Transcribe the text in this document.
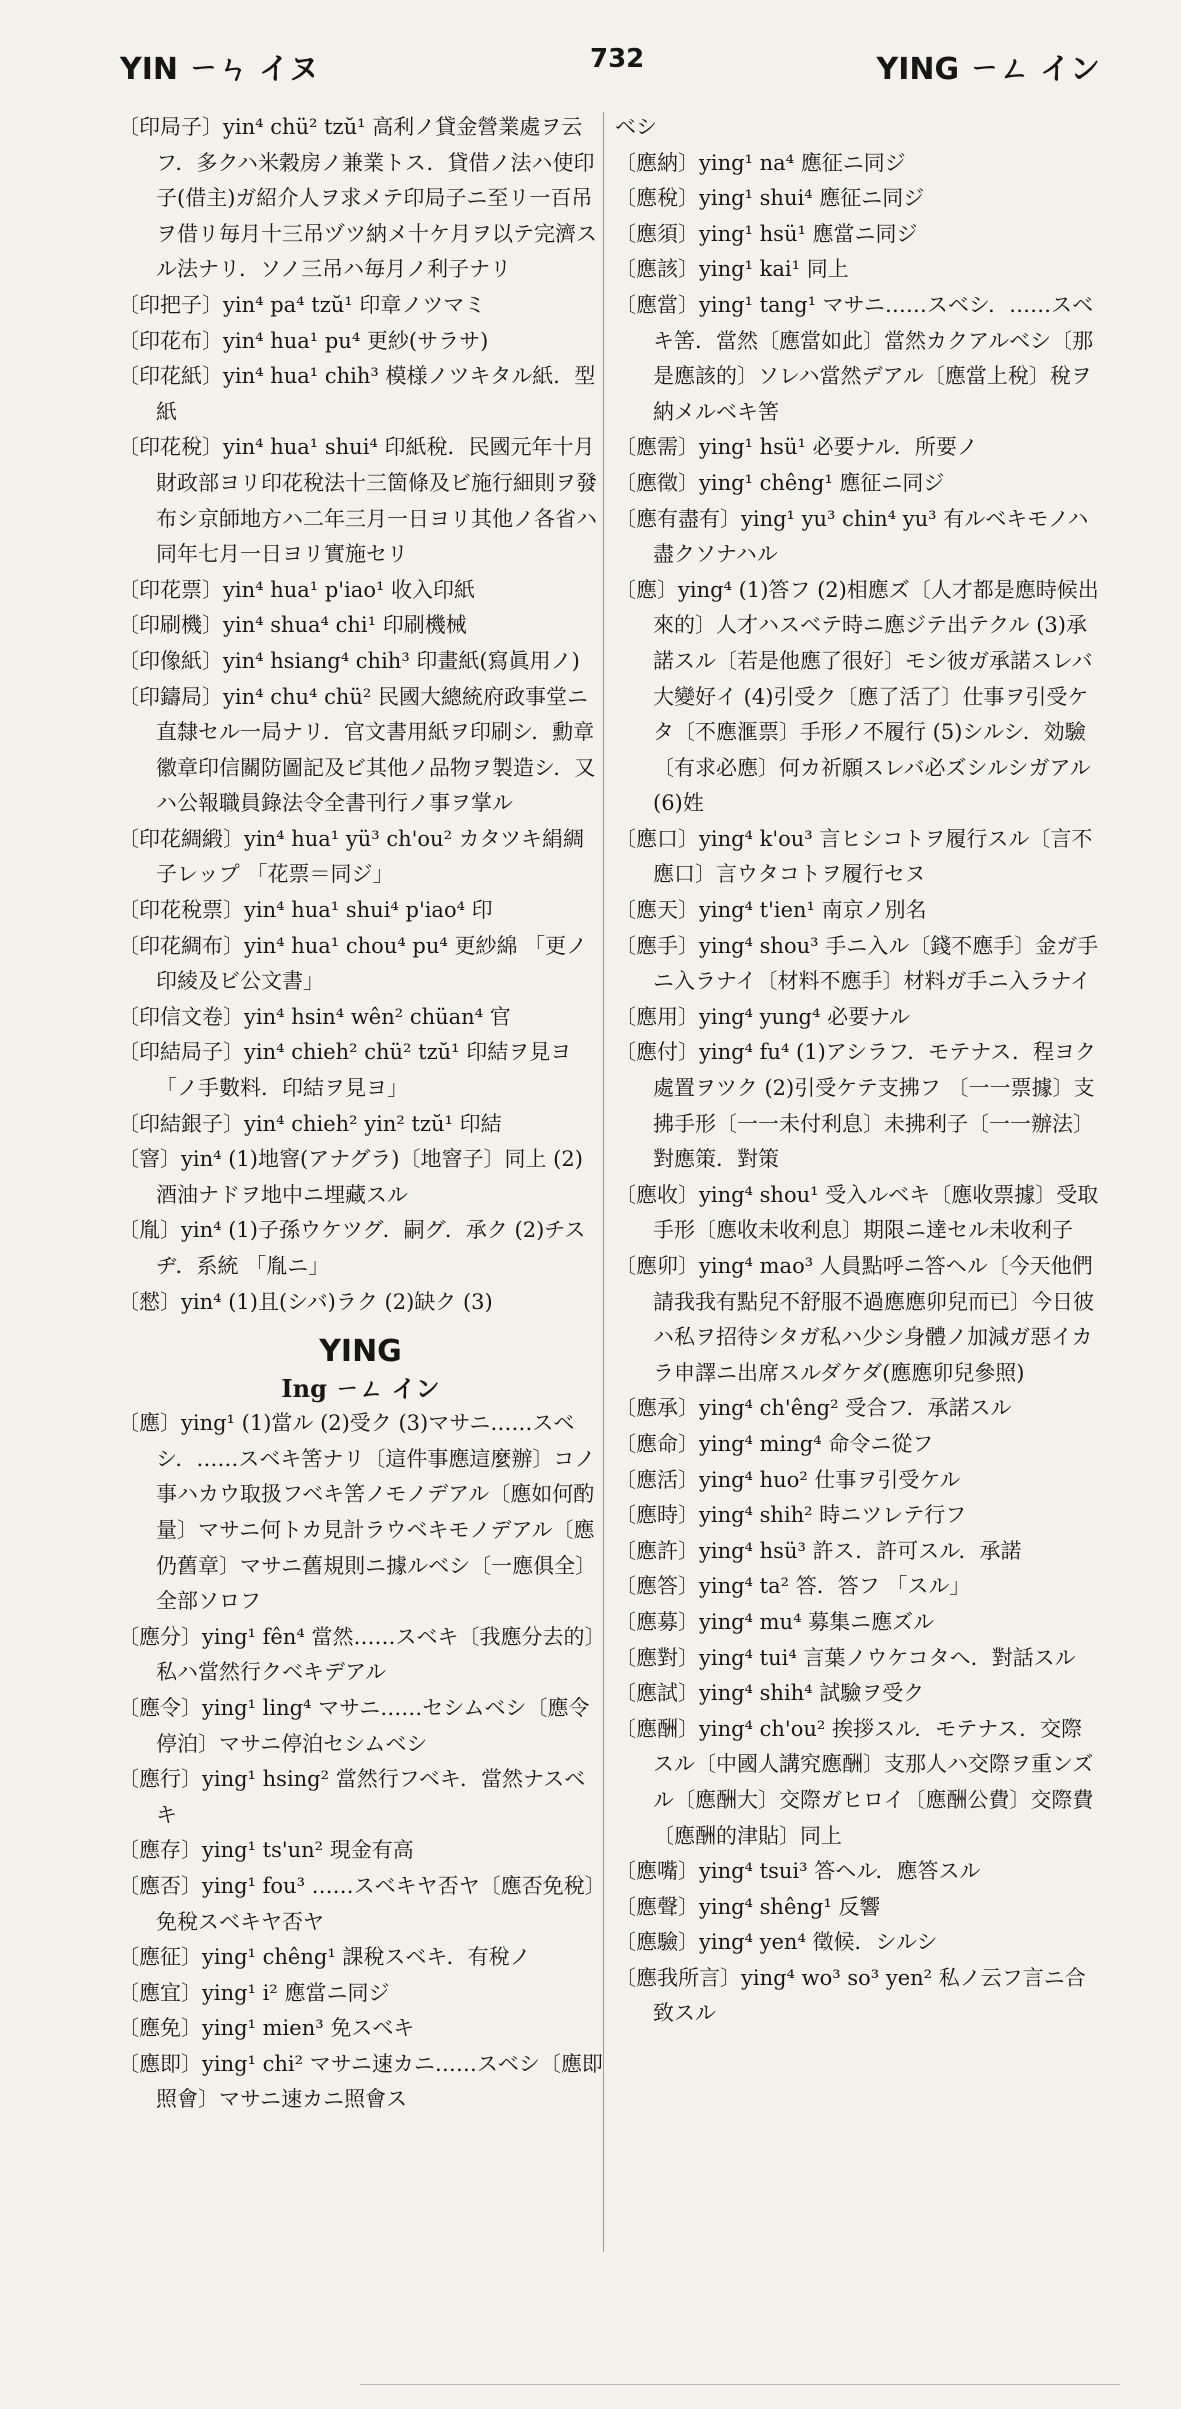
YIN ㄧㄣ イヌ	732	YING ㄧㄥ イン

〔印局子〕yin⁴ chü² tzŭ¹ 高利ノ貸金營業處ヲ云フ．多クハ米穀房ノ兼業トス．貸借ノ法ハ使印子(借主)ガ紹介人ヲ求メテ印局子ニ至リ一百吊ヲ借リ毎月十三吊ヅツ納メ十ケ月ヲ以テ完濟スル法ナリ．ソノ三吊ハ毎月ノ利子ナリ

〔印把子〕yin⁴ pa⁴ tzŭ¹ 印章ノツマミ

〔印花布〕yin⁴ hua¹ pu⁴ 更紗(サラサ)

〔印花紙〕yin⁴ hua¹ chih³ 模様ノツキタル紙．型紙

〔印花稅〕yin⁴ hua¹ shui⁴ 印紙稅．民國元年十月財政部ヨリ印花稅法十三箇條及ビ施行細則ヲ發布シ京師地方ハ二年三月一日ヨリ其他ノ各省ハ同年七月一日ヨリ實施セリ

〔印花票〕yin⁴ hua¹ p'iao¹ 收入印紙

〔印刷機〕yin⁴ shua⁴ chi¹ 印刷機械

〔印像紙〕yin⁴ hsiang⁴ chih³ 印畫紙(寫眞用ノ)

〔印鑄局〕yin⁴ chu⁴ chü² 民國大總統府政事堂ニ直隸セル一局ナリ．官文書用紙ヲ印刷シ．勳章徽章印信關防圖記及ビ其他ノ品物ヲ製造シ．又ハ公報職員錄法令全書刊行ノ事ヲ掌ル

〔印花綢緞〕yin⁴ hua¹ yü³ ch'ou² カタツキ絹綢子レップ 「花票＝同ジ」

〔印花稅票〕yin⁴ hua¹ shui⁴ p'iao⁴ 印

〔印花綢布〕yin⁴ hua¹ chou⁴ pu⁴ 更紗綿 「更ノ印綾及ビ公文書」

〔印信文卷〕yin⁴ hsin⁴ wên² chüan⁴ 官

〔印結局子〕yin⁴ chieh² chü² tzŭ¹ 印結ヲ見ヨ 「ノ手數料．印結ヲ見ヨ」

〔印結銀子〕yin⁴ chieh² yin² tzŭ¹ 印結

〔窨〕yin⁴ (1)地窨(アナグラ)〔地窨子〕同上 (2)酒油ナドヲ地中ニ埋藏スル

〔胤〕yin⁴ (1)子孫ウケツグ．嗣グ．承ク (2)チスヂ．系統 「胤ニ」

〔憖〕yin⁴ (1)且(シバ)ラク (2)缺ク (3)

YING
Ing ㄧㄥ イン

〔應〕ying¹ (1)當ル (2)受ク (3)マサニ……スベシ．……スベキ筈ナリ〔這件事應這麼辦〕コノ事ハカウ取扱フベキ筈ノモノデアル〔應如何酌量〕マサニ何トカ見計ラウベキモノデアル〔應仍舊章〕マサニ舊規則ニ據ルベシ〔一應俱全〕全部ソロフ

〔應分〕ying¹ fên⁴ 當然……スベキ〔我應分去的〕私ハ當然行クベキデアル

〔應令〕ying¹ ling⁴ マサニ……セシムベシ〔應令停泊〕マサニ停泊セシムベシ

〔應行〕ying¹ hsing² 當然行フベキ．當然ナスベキ

〔應存〕ying¹ ts'un² 現金有高

〔應否〕ying¹ fou³ ……スベキヤ否ヤ〔應否免稅〕免稅スベキヤ否ヤ

〔應征〕ying¹ chêng¹ 課稅スベキ．有稅ノ

〔應宜〕ying¹ i² 應當ニ同ジ

〔應免〕ying¹ mien³ 免スベキ

〔應即〕ying¹ chi² マサニ速カニ……スベシ〔應即照會〕マサニ速カニ照會ス

ベシ

〔應納〕ying¹ na⁴ 應征ニ同ジ

〔應稅〕ying¹ shui⁴ 應征ニ同ジ

〔應須〕ying¹ hsü¹ 應當ニ同ジ

〔應該〕ying¹ kai¹ 同上

〔應當〕ying¹ tang¹ マサニ……スベシ．……スベキ筈．當然〔應當如此〕當然カクアルベシ〔那是應該的〕ソレハ當然デアル〔應當上稅〕稅ヲ納メルベキ筈

〔應需〕ying¹ hsü¹ 必要ナル．所要ノ

〔應徵〕ying¹ chêng¹ 應征ニ同ジ

〔應有盡有〕ying¹ yu³ chin⁴ yu³ 有ルベキモノハ盡クソナハル

〔應〕ying⁴ (1)答フ (2)相應ズ〔人才都是應時候出來的〕人才ハスベテ時ニ應ジテ出テクル (3)承諾スル〔若是他應了很好〕モシ彼ガ承諾スレバ大變好イ (4)引受ク〔應了活了〕仕事ヲ引受ケタ〔不應滙票〕手形ノ不履行 (5)シルシ．効驗〔有求必應〕何カ祈願スレバ必ズシルシガアル (6)姓

〔應口〕ying⁴ k'ou³ 言ヒシコトヲ履行スル〔言不應口〕言ウタコトヲ履行セヌ

〔應天〕ying⁴ t'ien¹ 南京ノ別名

〔應手〕ying⁴ shou³ 手ニ入ル〔錢不應手〕金ガ手ニ入ラナイ〔材料不應手〕材料ガ手ニ入ラナイ

〔應用〕ying⁴ yung⁴ 必要ナル

〔應付〕ying⁴ fu⁴ (1)アシラフ．モテナス．程ヨク處置ヲツク (2)引受ケテ支拂フ 〔一一票據〕支拂手形〔一一未付利息〕未拂利子〔一一辦法〕對應策．對策

〔應收〕ying⁴ shou¹ 受入ルベキ〔應收票據〕受取手形〔應收未收利息〕期限ニ達セル未收利子

〔應卯〕ying⁴ mao³ 人員點呼ニ答ヘル〔今天他們請我我有點兒不舒服不過應應卯兒而已〕今日彼ハ私ヲ招待シタガ私ハ少シ身體ノ加減ガ惡イカラ申譯ニ出席スルダケダ(應應卯兒參照)

〔應承〕ying⁴ ch'êng² 受合フ．承諾スル

〔應命〕ying⁴ ming⁴ 命令ニ從フ

〔應活〕ying⁴ huo² 仕事ヲ引受ケル

〔應時〕ying⁴ shih² 時ニツレテ行フ

〔應許〕ying⁴ hsü³ 許ス．許可スル．承諾

〔應答〕ying⁴ ta² 答．答フ 「スル」

〔應募〕ying⁴ mu⁴ 募集ニ應ズル

〔應對〕ying⁴ tui⁴ 言葉ノウケコタヘ．對話スル

〔應試〕ying⁴ shih⁴ 試驗ヲ受ク

〔應酬〕ying⁴ ch'ou² 挨拶スル．モテナス．交際スル〔中國人講究應酬〕支那人ハ交際ヲ重ンズル〔應酬大〕交際ガヒロイ〔應酬公費〕交際費〔應酬的津貼〕同上

〔應嘴〕ying⁴ tsui³ 答ヘル．應答スル

〔應聲〕ying⁴ shêng¹ 反響

〔應驗〕ying⁴ yen⁴ 徵候．シルシ

〔應我所言〕ying⁴ wo³ so³ yen² 私ノ云フ言ニ合致スル
